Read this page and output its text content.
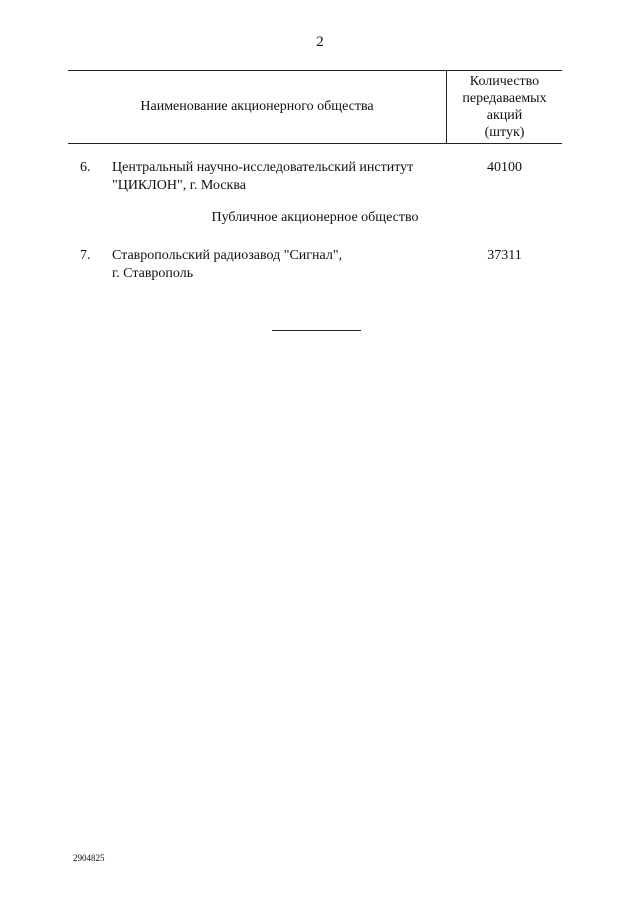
2
Наименование акционерного общества
Количество
передаваемых
акций
(штук)
6. Центральный научно-исследовательский институт
"ЦИКЛОН", г. Москва
40100
Публичное акционерное общество
7. Ставропольский радиозавод "Сигнал",
г. Ставрополь
37311
2904825
